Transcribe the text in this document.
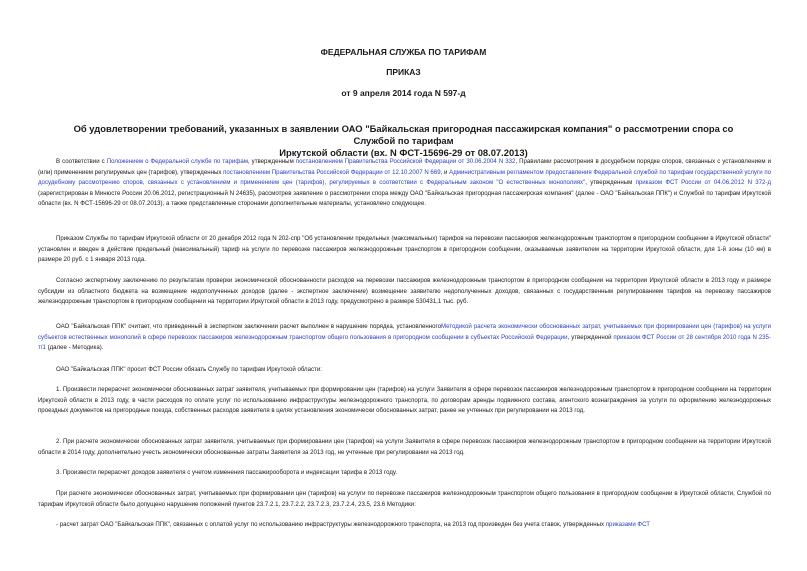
ФЕДЕРАЛЬНАЯ СЛУЖБА ПО ТАРИФАМ
ПРИКАЗ
от 9 апреля 2014 года N 597-д
Об удовлетворении требований, указанных в заявлении ОАО "Байкальская пригородная пассажирская компания" о рассмотрении спора со Службой по тарифам
Иркутской области (вх. N ФСТ-15696-29 от 08.07.2013)
В соответствии с Положением о Федеральной службе по тарифам, утвержденным постановлением Правительства Российской Федерации от 30.06.2004 N 332, Правилами рассмотрения в досудебном порядке споров, связанных с установлением и (или) применением регулируемых цен (тарифов), утвержденных постановлением Правительства Российской Федерации от 12.10.2007 N 669, и Административным регламентом предоставления Федеральной службой по тарифам государственной услуги по досудебному рассмотрению споров, связанных с установлением и применением цен (тарифов), регулируемых в соответствии с Федеральным законом "О естественных монополиях", утвержденным приказом ФСТ России от 04.06.2012 N 372-д (зарегистрирован в Минюсте России 20.06.2012, регистрационный N 24635), рассмотрев заявление о рассмотрении спора между ОАО "Байкальская пригородная пассажирская компания" (далее - ОАО "Байкальская ППК") и Службой по тарифам Иркутской области (вх. N ФСТ-15696-29 от 08.07.2013), а также представленные сторонами дополнительные материалы, установлено следующее.
Приказом Службы по тарифам Иркутской области от 20 декабря 2012 года N 202-спр "Об установлении предельных (максимальных) тарифов на перевозки пассажиров железнодорожным транспортом в пригородном сообщении в Иркутской области" установлен и введен в действие предельный (максимальный) тариф на услуги по перевозке пассажиров железнодорожным транспортом в пригородном сообщении, оказываемые заявителем на территории Иркутской области, для 1-й зоны (10 км) в размере 20 руб. с 1 января 2013 года.
Согласно экспертному заключению по результатам проверки экономической обоснованности расходов на перевозки пассажиров железнодорожным транспортом в пригородном сообщении на территории Иркутской области в 2013 году и размере субсидии из областного бюджета на возмещение недополученных доходов (далее - экспертное заключение) возмещение заявителю недополученных доходов, связанных с государственным регулированием тарифов на перевозку пассажиров железнодорожным транспортом в пригородном сообщении на территории Иркутской области в 2013 году, предусмотрено в размере 530431,1 тыс. руб.
ОАО "Байкальская ППК" считает, что приведенный в экспертном заключении расчет выполнен в нарушение порядка, установленногоМетодикой расчета экономически обоснованных затрат, учитываемых при формировании цен (тарифов) на услуги субъектов естественных монополий в сфере перевозок пассажиров железнодорожным транспортом общего пользования в пригородном сообщении в субъектах Российской Федерации, утвержденной приказом ФСТ России от 28 сентября 2010 года N 235-т/1 (далее - Методика).
ОАО "Байкальская ППК" просит ФСТ России обязать Службу по тарифам Иркутской области:
1. Произвести перерасчет экономически обоснованных затрат заявителя, учитываемых при формировании цен (тарифов) на услуги Заявителя в сфере перевозок пассажиров железнодорожным транспортом в пригородном сообщении на территории Иркутской области в 2013 году, в части расходов по оплате услуг по использованию инфраструктуры железнодорожного транспорта, по договорам аренды подвижного состава, агентского вознаграждения за услуги по оформлению железнодорожных проездных документов на пригородные поезда, собственных расходов заявителя в целях установления экономически обоснованных затрат, ранее не учтенных при регулировании на 2013 год.
2. При расчете экономически обоснованных затрат заявителя, учитываемых при формировании цен (тарифов) на услуги Заявителя в сфере перевозок пассажиров железнодорожным транспортом в пригородном сообщении на территории Иркутской области в 2014 году, дополнительно учесть экономически обоснованные затраты Заявителя за 2013 год, не учтенные при регулировании на 2013 год.
3. Произвести перерасчет доходов заявителя с учетом изменения пассажирооборота и индексации тарифа в 2013 году.
При расчете экономически обоснованных затрат, учитываемых при формировании цен (тарифов) на услуги по перевозке пассажиров железнодорожным транспортом общего пользования в пригородном сообщении в Иркутской области, Службой по тарифам Иркутской области было допущено нарушение положений пунктов 23.7.2.1, 23.7.2.2, 23.7.2.3, 23.7.2.4, 23.5, 23.6 Методики:
- расчет затрат ОАО "Байкальская ППК", связанных с оплатой услуг по использованию инфраструктуры железнодорожного транспорта, на 2013 год произведен без учета ставок, утвержденных приказами ФСТ
